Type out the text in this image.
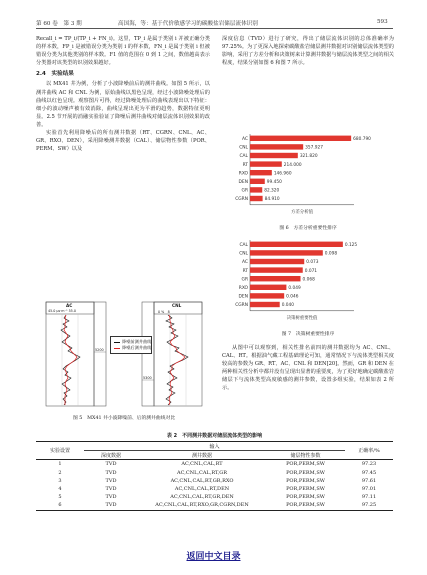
第 60 卷　第 3 期	高国海，等：基于代价敏感学习的碳酸盐岩储层流体识别	593

Recall_i = TP_i/(TP_i + FN_i)。这里，TP_i 是属于类别 i 并被正确分类的样本数，FP_i 是被错误分类为类别 i 的样本数，FN_i 是属于类别 i 但被错误分类为其他类别的样本数。F1 值的范围在 0 到 1 之间，数值越高表示分类器对该类型的识别效果越好。

2.4　实验结果

以 MX41 井为例，分析了小波降噪前后的测井曲线。如图 5 所示，以测井曲线 AC 和 CNL 为例，原始曲线以黑色呈现，经过小波降噪处理后的曲线以红色呈现。观察图片可得，经过降噪处理后的曲线表现出以下特征：细小的波动噪声被有效消除，曲线呈现出更为平滑的趋势，数据特征更明显。2.5 节开展的消融实验验证了降噪后测井曲线对储层流体识别效果的改善。

实验首先利用降噪后的所有测井数据（RT、CGRN、CNL、AC、GR、RXO、DEN），采用降噪测井数据（CAL）、储层物性参数（POR、PERM、SW）以及

AC
45.0 μs·m⁻¹ 55.0
CNL
0 %　8
5200
5300
降噪前测井曲线
降噪后测井曲线
图 5　MX41 井小波降噪前、后的测井曲线对比

深度信息（TVD）进行了研究，得出了储层流体识别的总体准确率为 97.25%。为了更深入地探索碳酸盐岩储层测井数据对识别储层流体类型的影响，采用了方差分析和决策树来计算测井数据与储层流体类型之间的相关程度，结果分别如图 6 和图 7 所示。

AC	680.790
CNL	357.927
CAL	321.820
RT	214.000
RXO	146.960
DEN	99.450
GR	82.320
CGRN	84.910
方差分析值
图 6　方差分析重要性排序
CAL	0.125
CNL	0.098
AC	0.073
RT	0.071
GR	0.068
RXO	0.049
DEN	0.046
CGRN	0.040
决策树重要性值
图 7　决策树重要性排序

从图中可以观察到，相关性排名前四的测井数据均为 AC、CNL、CAL、RT。根据油气藏工程基础理论可知，通常情况下与流体类型相关度较高的参数为 GR、RT、AC、CNL 和 DEN[20]。然而，GR 和 DEN 在两种相关性分析中都并没有呈现出显著的重要度，为了更好地确定碳酸盐岩储层下与流体类型高度敏感的测井参数，设置多组实验，结果如表 2 所示。

表 2　不同测井数据对储层流体类型的影响
实验设置	输入			正确率/%
	深度数据	测井数据	储层物性参数	
1	TVD	AC,CNL,CAL,RT	POR,PERM,SW	97.23
2	TVD	AC,CNL,CAL,RT,GR	POR,PERM,SW	97.45
3	TVD	AC,CNL,CAL,RT,GR,RXO	POR,PERM,SW	97.61
4	TVD	AC,CNL,CAL,RT,DEN	POR,PERM,SW	97.01
5	TVD	AC,CNL,CAL,RT,GR,DEN	POR,PERM,SW	97.11
6	TVD	AC,CNL,CAL,RT,RXO,GR,CGRN,DEN	POR,PERM,SW	97.25
返回中文目录
